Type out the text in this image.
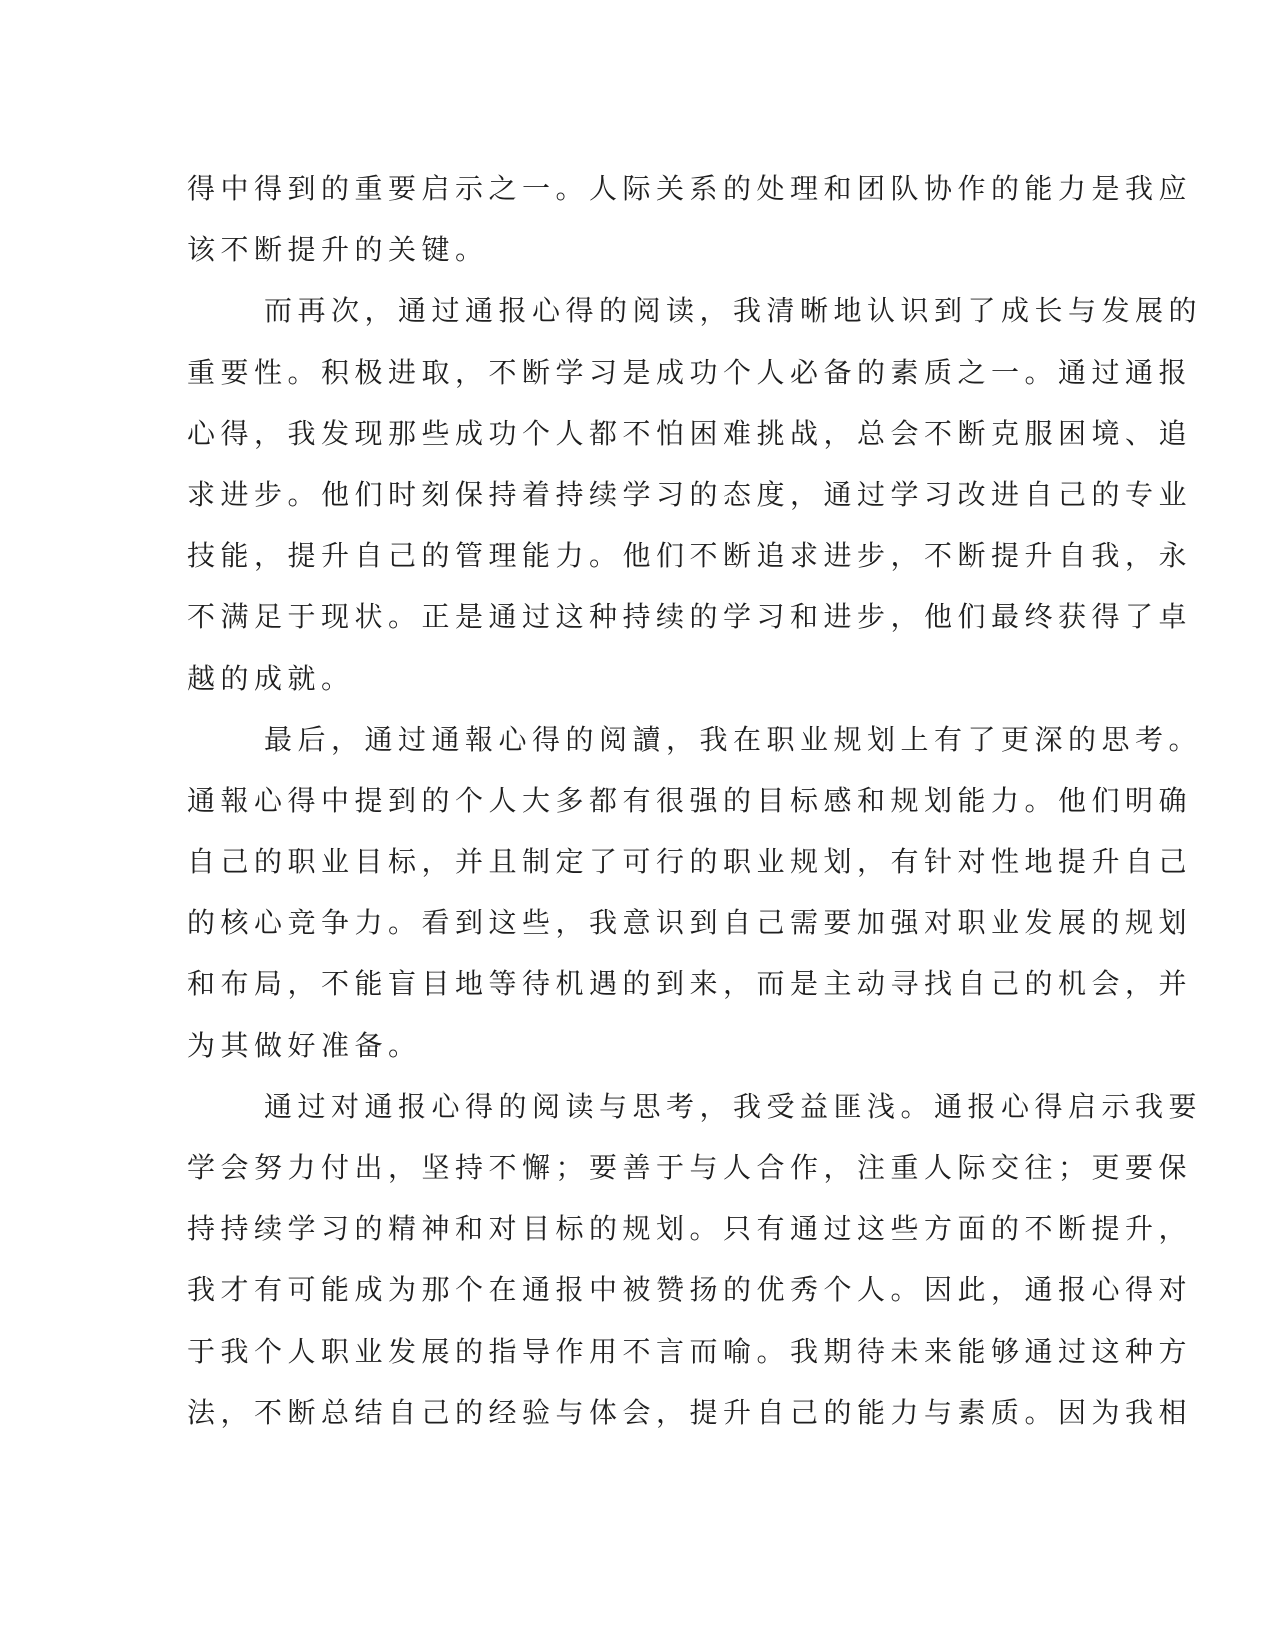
得中得到的重要启示之一。人际关系的处理和团队协作的能力是我应
该不断提升的关键。
而再次，通过通报心得的阅读，我清晰地认识到了成长与发展的
重要性。积极进取，不断学习是成功个人必备的素质之一。通过通报
心得，我发现那些成功个人都不怕困难挑战，总会不断克服困境、追
求进步。他们时刻保持着持续学习的态度，通过学习改进自己的专业
技能，提升自己的管理能力。他们不断追求进步，不断提升自我，永
不满足于现状。正是通过这种持续的学习和进步，他们最终获得了卓
越的成就。
最后，通过通報心得的阅讀，我在职业规划上有了更深的思考。
通報心得中提到的个人大多都有很强的目标感和规划能力。他们明确
自己的职业目标，并且制定了可行的职业规划，有针对性地提升自己
的核心竞争力。看到这些，我意识到自己需要加强对职业发展的规划
和布局，不能盲目地等待机遇的到来，而是主动寻找自己的机会，并
为其做好准备。
通过对通报心得的阅读与思考，我受益匪浅。通报心得启示我要
学会努力付出，坚持不懈；要善于与人合作，注重人际交往；更要保
持持续学习的精神和对目标的规划。只有通过这些方面的不断提升，
我才有可能成为那个在通报中被赞扬的优秀个人。因此，通报心得对
于我个人职业发展的指导作用不言而喻。我期待未来能够通过这种方
法，不断总结自己的经验与体会，提升自己的能力与素质。因为我相
